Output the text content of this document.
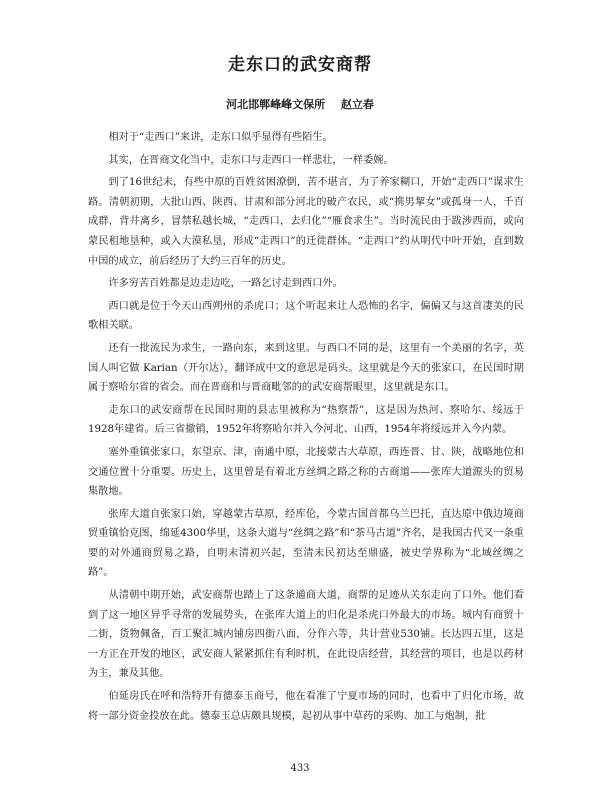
走东口的武安商帮
河北邯郸峰峰文保所 赵立春

相对于“走西口”来讲，走东口似乎显得有些陌生。

其实，在晋商文化当中，走东口与走西口一样悲壮，一样委婉。

到了16世纪末，有些中原的百姓贫困潦倒，苦不堪言，为了养家糊口，开始“走西口”谋求生路。清朝初期，大批山西、陕西、甘肃和部分河北的破产农民，或“携男挈女”或孤身一人，千百成群，背井离乡，冒禁私越长城，“走西口，去归化”“雁食求生”。当时流民由于跋涉西而，或向蒙民租地垦种，或入大漠私垦，形成“走西口”的迁徙群体。“走西口”约从明代中叶开始，直到数中国的成立，前后经历了大约三百年的历史。

许多穷苦百姓都是边走边吃，一路乞讨走到西口外。

西口就是位于今天山西朔州的杀虎口；这个听起来让人恐怖的名字，偏偏又与这首凄美的民歌相关联。

还有一批流民为求生，一路向东，来到这里。与西口不同的是，这里有一个美丽的名字，英国人叫它做 Karian（开尔达），翻译成中文的意思是码头。这里就是今天的张家口，在民国时期属于察哈尔省的省会。而在晋商和与晋商毗邻的的武安商帮眼里，这里就是东口。

走东口的武安商帮在民国时期的县志里被称为“热察帮”，这是因为热河、察哈尔、绥远于1928年建省。后三省撤销，1952年将察哈尔并入今河北、山西，1954年将绥远并入今内蒙。

塞外重镇张家口，东望京、津，南通中原，北接蒙古大草原，西连晋、甘、陕，战略地位和交通位置十分重要。历史上，这里曾是有着北方丝绸之路之称的古商道——张库大道源头的贸易集散地。

张库大道自张家口始，穿越蒙古草原，经库伦，今蒙古国首都乌兰巴托，直达原中俄边境商贸重镇恰克图，绵延4300华里，这条大道与“丝绸之路”和“茶马古道”齐名，是我国古代又一条重要的对外通商贸易之路，自明末清初兴起，至清末民初达至鼎盛，被史学界称为“北域丝绸之路”。

从清朝中期开始，武安商帮也踏上了这条通商大道，商帮的足迹从关东走向了口外。他们看到了这一地区异乎寻常的发展势头，在张库大道上的归化是杀虎口外最大的市场。城内有商贸十二街，货物佩备，百工聚汇城内铺房四街八面，分作六等，共计营业530铺。长达四五里，这是一方正在开发的地区，武安商人紧紧抓住有利时机，在此设店经营，其经营的项目，也是以药材为主，兼及其他。

伯延房氏在呼和浩特开有德泰玉商号，他在看准了宁夏市场的同时，也看中了归化市场，故将一部分资金投放在此。德泰玉总店颇具规模，起初从事中草药的采购、加工与炮制，批

433
